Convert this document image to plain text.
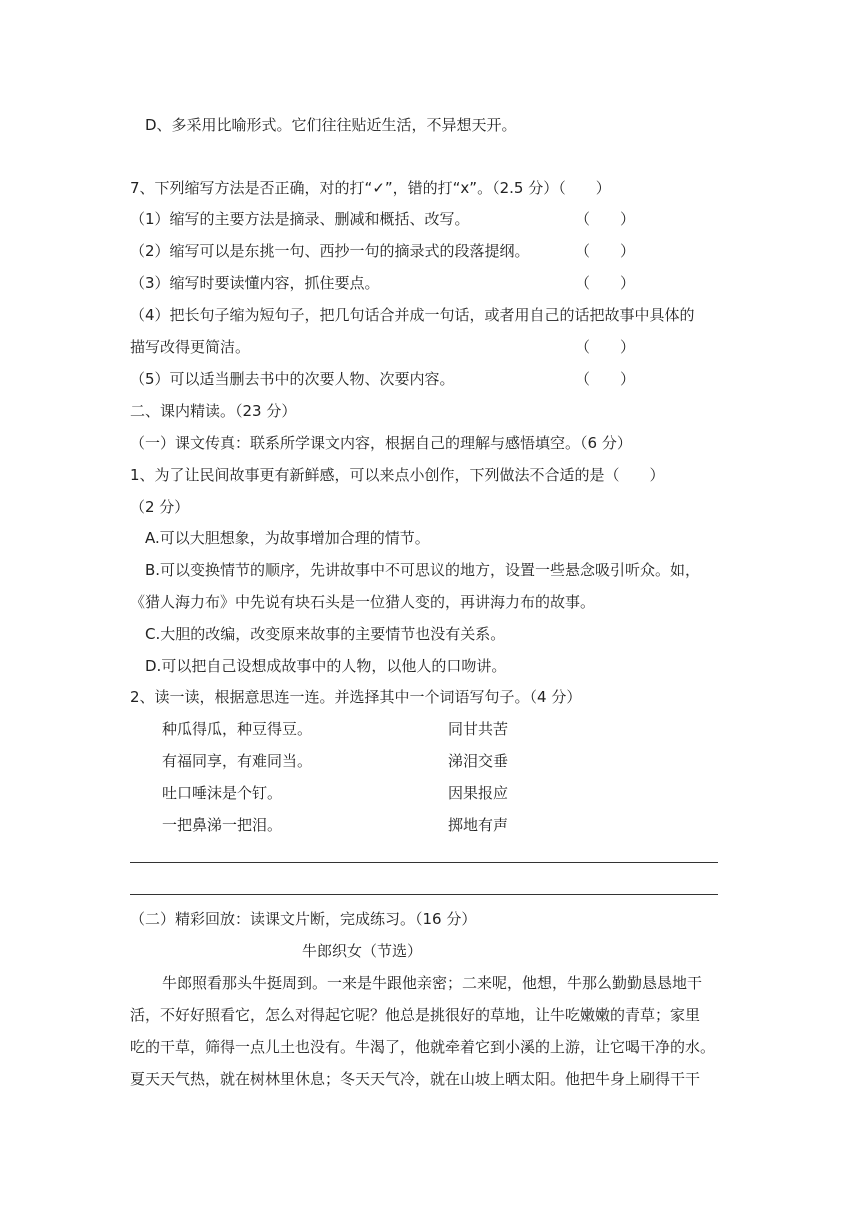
D、多采用比喻形式。它们往往贴近生活，不异想天开。
7、下列缩写方法是否正确，对的打“✓”，错的打“x”。（2.5 分）（　　）
（1）缩写的主要方法是摘录、删减和概括、改写。	（　　）
（2）缩写可以是东挑一句、西抄一句的摘录式的段落提纲。	（　　）
（3）缩写时要读懂内容，抓住要点。	（　　）
（4）把长句子缩为短句子，把几句话合并成一句话，或者用自己的话把故事中具体的
描写改得更简洁。	（　　）
（5）可以适当删去书中的次要人物、次要内容。	（　　）
二、课内精读。（23 分）
（一）课文传真：联系所学课文内容，根据自己的理解与感悟填空。（6 分）
1、为了让民间故事更有新鲜感，可以来点小创作，下列做法不合适的是（　　）
（2 分）
A.可以大胆想象，为故事增加合理的情节。
B.可以变换情节的顺序，先讲故事中不可思议的地方，设置一些悬念吸引听众。如，
《猎人海力布》中先说有块石头是一位猎人变的，再讲海力布的故事。
C.大胆的改编，改变原来故事的主要情节也没有关系。
D.可以把自己设想成故事中的人物，以他人的口吻讲。
2、读一读，根据意思连一连。并选择其中一个词语写句子。（4 分）
种瓜得瓜，种豆得豆。	同甘共苦
有福同享，有难同当。	涕泪交垂
吐口唾沫是个钉。	因果报应
一把鼻涕一把泪。	掷地有声
（二）精彩回放：读课文片断，完成练习。（16 分）
牛郎织女（节选）
牛郎照看那头牛挺周到。一来是牛跟他亲密；二来呢，他想，牛那么勤勤恳恳地干
活，不好好照看它，怎么对得起它呢？他总是挑很好的草地，让牛吃嫩嫩的青草；家里
吃的干草，筛得一点儿土也没有。牛渴了，他就牵着它到小溪的上游，让它喝干净的水。
夏天天气热，就在树林里休息；冬天天气冷，就在山坡上晒太阳。他把牛身上刷得干干
